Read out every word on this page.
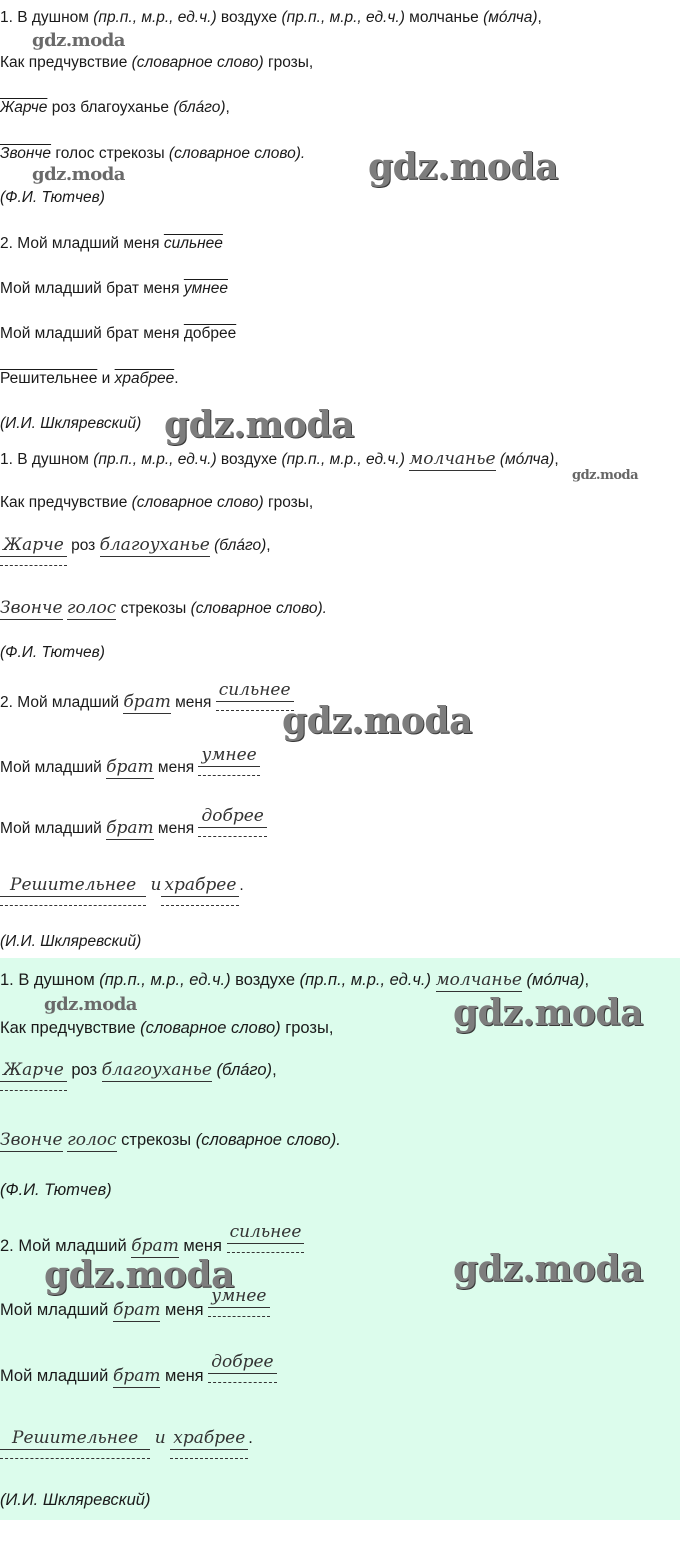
1. В душном (пр.п., м.р., ед.ч.) воздухе (пр.п., м.р., ед.ч.) молчанье (мóлча),
Как предчувствие (словарное слово) грозы,
Жарче роз благоуханье (блáго),
Звонче голос стрекозы (словарное слово).
(Ф.И. Тютчев)
2. Мой младший меня сильнее
Мой младший брат меня умнее
Мой младший брат меня добрее
Решительнее и храбрее.
(И.И. Шкляревский)
1. В душном (пр.п., м.р., ед.ч.) воздухе (пр.п., м.р., ед.ч.) молчанье (мóлча),
Как предчувствие (словарное слово) грозы,
Жарче
роз благоуханье (блáго),
Звонче голос стрекозы (словарное слово).
(Ф.И. Тютчев)
2. Мой младший брат меня сильнее
Мой младший брат меня умнее
Мой младший брат меня добрее
Решительнее и храбрее .
(И.И. Шкляревский)
1. В душном (пр.п., м.р., ед.ч.) воздухе (пр.п., м.р., ед.ч.) молчанье (мóлча),
Как предчувствие (словарное слово) грозы,
Жарче
роз благоуханье (блáго),
Звонче голос стрекозы (словарное слово).
(Ф.И. Тютчев)
2. Мой младший брат меня сильнее
Мой младший брат меня умнее
Мой младший брат меня добрее
Решительнее и храбрее .
(И.И. Шкляревский)
gdz.moda
gdz.moda	gdz.moda
gdz.moda
gdz.moda
gdz.moda
gdz.moda	gdz.moda
gdz.moda	gdz.moda
